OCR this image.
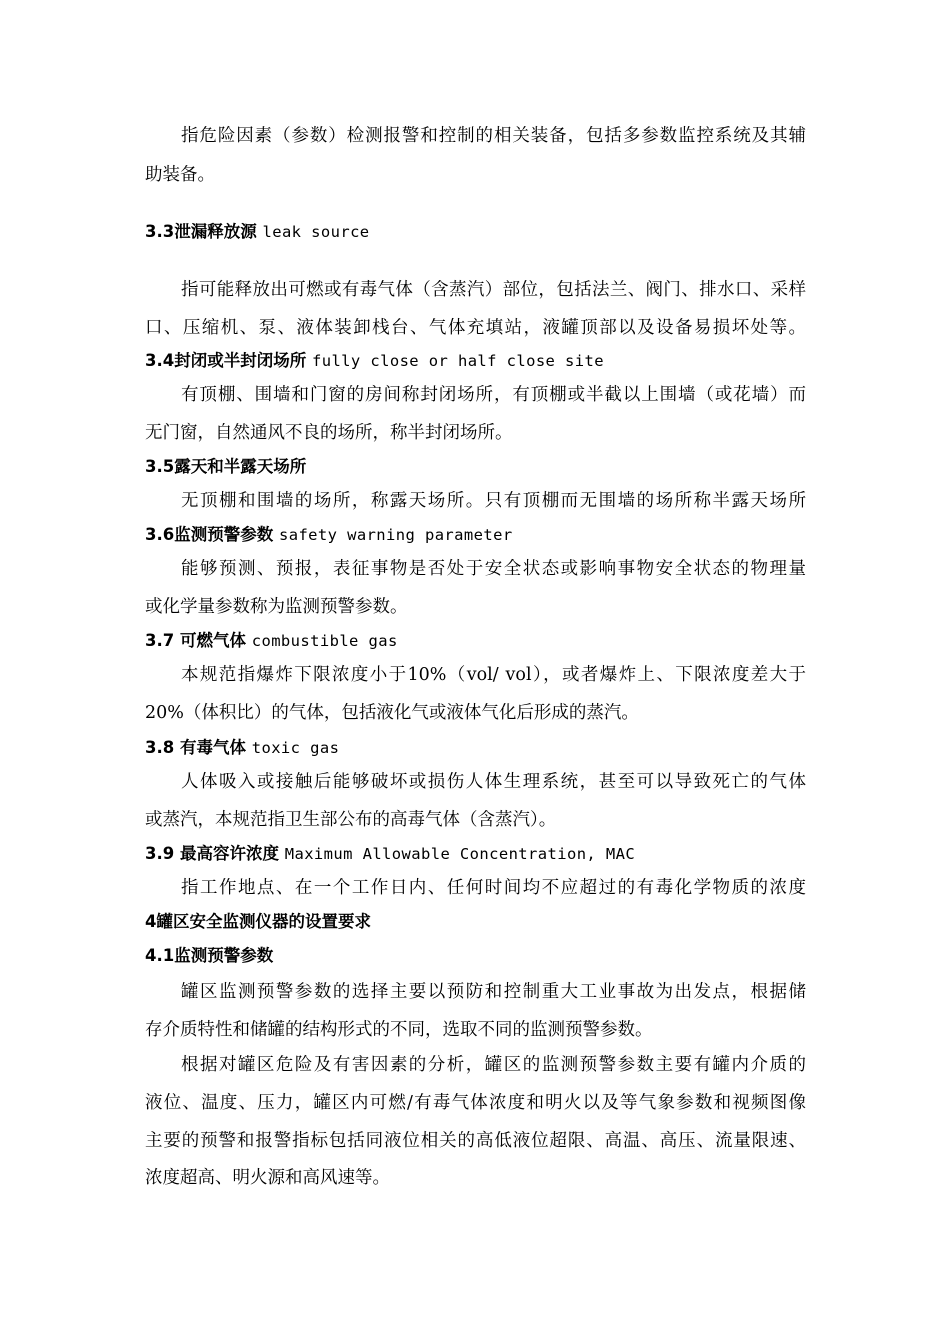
指危险因素（参数）检测报警和控制的相关装备，包括多参数监控系统及其辅
助装备。
3.3泄漏释放源 leak source
指可能释放出可燃或有毒气体（含蒸汽）部位，包括法兰、阀门、排水口、采样
口、压缩机、泵、液体装卸栈台、气体充填站，液罐顶部以及设备易损坏处等。
3.4封闭或半封闭场所 fully close or half close site
有顶棚、围墙和门窗的房间称封闭场所，有顶棚或半截以上围墙（或花墙）而
无门窗，自然通风不良的场所，称半封闭场所。
3.5露天和半露天场所
无顶棚和围墙的场所，称露天场所。只有顶棚而无围墙的场所称半露天场所
3.6监测预警参数 safety warning parameter
能够预测、预报，表征事物是否处于安全状态或影响事物安全状态的物理量
或化学量参数称为监测预警参数。
3.7 可燃气体 combustible gas
本规范指爆炸下限浓度小于10%（vol/ vol），或者爆炸上、下限浓度差大于
20%（体积比）的气体，包括液化气或液体气化后形成的蒸汽。
3.8 有毒气体 toxic gas
人体吸入或接触后能够破坏或损伤人体生理系统，甚至可以导致死亡的气体
或蒸汽，本规范指卫生部公布的高毒气体（含蒸汽）。
3.9 最高容许浓度 Maximum Allowable Concentration, MAC
指工作地点、在一个工作日内、任何时间均不应超过的有毒化学物质的浓度
4罐区安全监测仪器的设置要求
4.1监测预警参数
罐区监测预警参数的选择主要以预防和控制重大工业事故为出发点，根据储
存介质特性和储罐的结构形式的不同，选取不同的监测预警参数。
根据对罐区危险及有害因素的分析，罐区的监测预警参数主要有罐内介质的
液位、温度、压力，罐区内可燃/有毒气体浓度和明火以及等气象参数和视频图像
主要的预警和报警指标包括同液位相关的高低液位超限、高温、高压、流量限速、
浓度超高、明火源和高风速等。
